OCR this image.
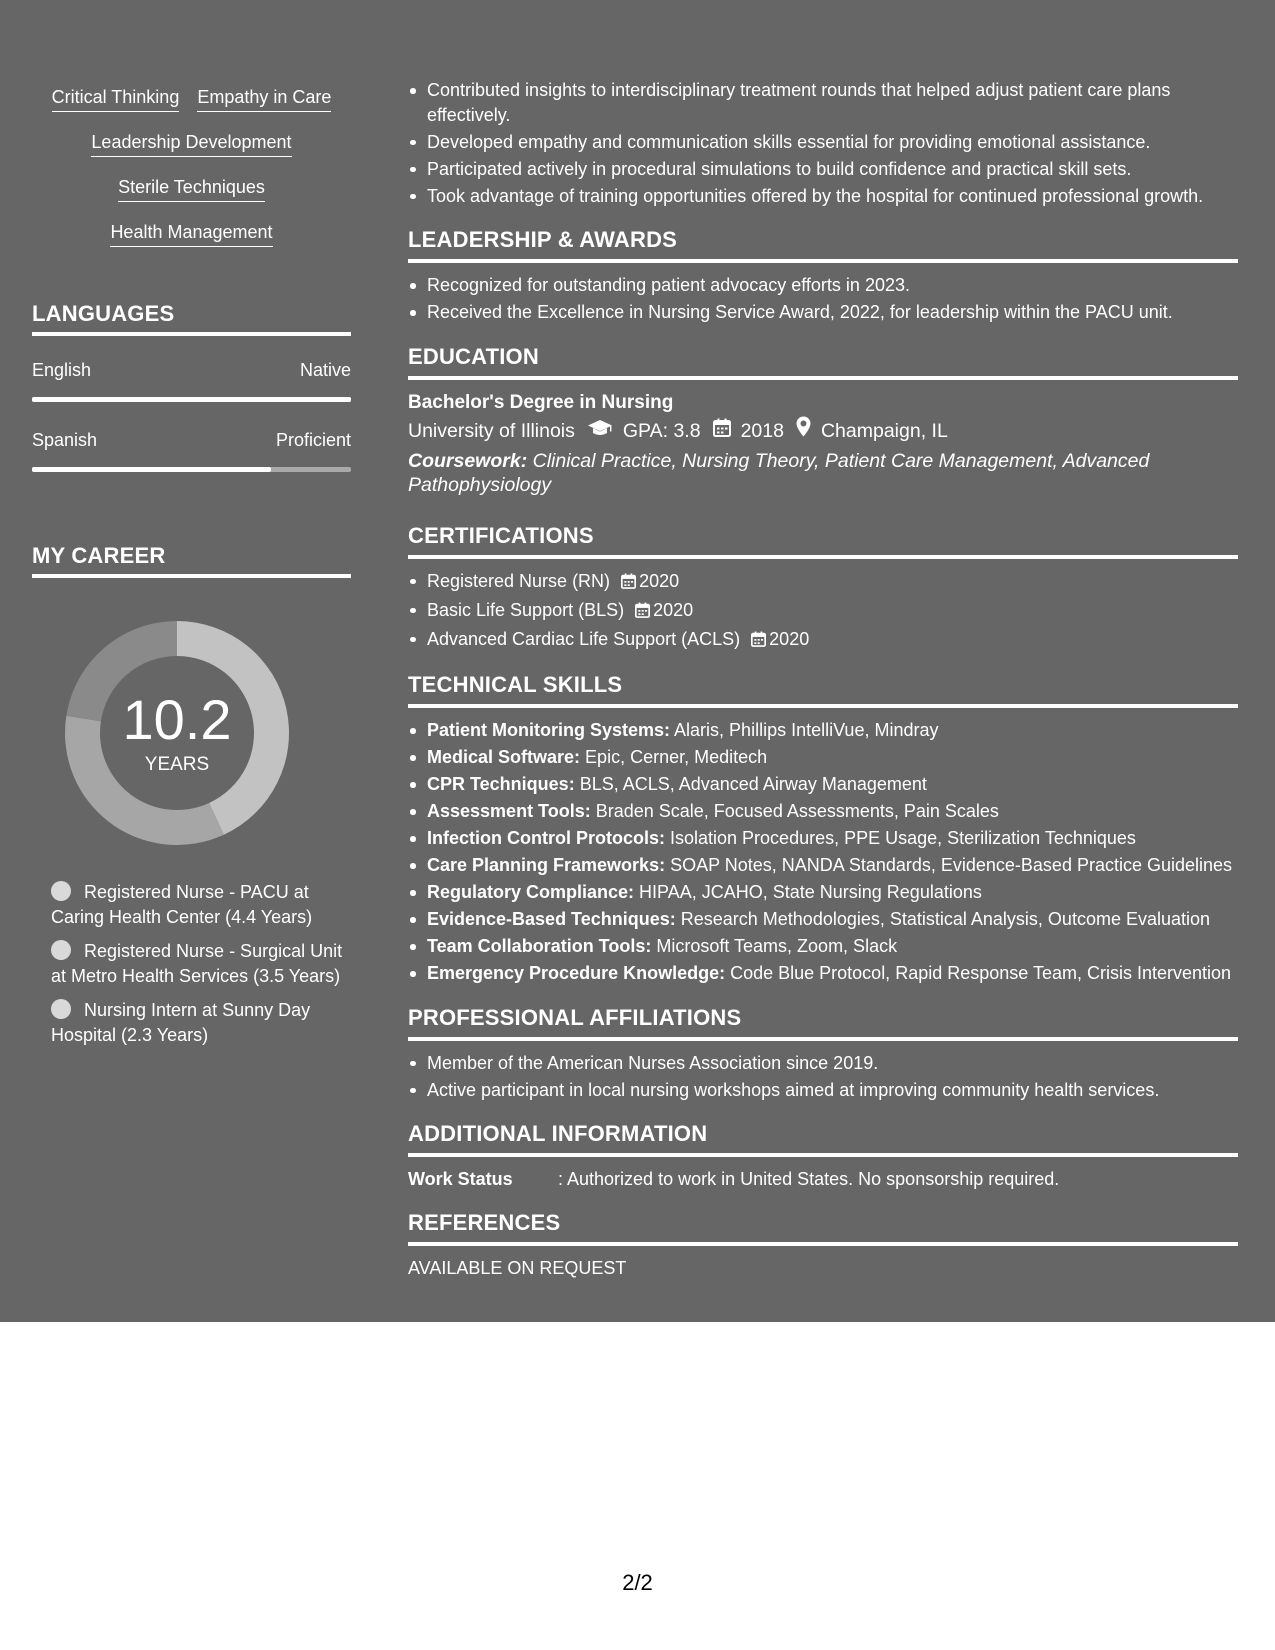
Critical Thinking Empathy in Care
Leadership Development
Sterile Techniques
Health Management
LANGUAGES
English	Native
Spanish	Proficient
MY CAREER
10.2
YEARS
Registered Nurse - PACU at Caring Health Center (4.4 Years)
Registered Nurse - Surgical Unit at Metro Health Services (3.5 Years)
Nursing Intern at Sunny Day Hospital (2.3 Years)
Contributed insights to interdisciplinary treatment rounds that helped adjust patient care plans effectively.
Developed empathy and communication skills essential for providing emotional assistance.
Participated actively in procedural simulations to build confidence and practical skill sets.
Took advantage of training opportunities offered by the hospital for continued professional growth.
LEADERSHIP & AWARDS
Recognized for outstanding patient advocacy efforts in 2023.
Received the Excellence in Nursing Service Award, 2022, for leadership within the PACU unit.
EDUCATION
Bachelor's Degree in Nursing
University of Illinois GPA: 3.8 2018 Champaign, IL
Coursework: Clinical Practice, Nursing Theory, Patient Care Management, Advanced Pathophysiology
CERTIFICATIONS
Registered Nurse (RN) 2020
Basic Life Support (BLS) 2020
Advanced Cardiac Life Support (ACLS) 2020
TECHNICAL SKILLS
Patient Monitoring Systems: Alaris, Phillips IntelliVue, Mindray
Medical Software: Epic, Cerner, Meditech
CPR Techniques: BLS, ACLS, Advanced Airway Management
Assessment Tools: Braden Scale, Focused Assessments, Pain Scales
Infection Control Protocols: Isolation Procedures, PPE Usage, Sterilization Techniques
Care Planning Frameworks: SOAP Notes, NANDA Standards, Evidence-Based Practice Guidelines
Regulatory Compliance: HIPAA, JCAHO, State Nursing Regulations
Evidence-Based Techniques: Research Methodologies, Statistical Analysis, Outcome Evaluation
Team Collaboration Tools: Microsoft Teams, Zoom, Slack
Emergency Procedure Knowledge: Code Blue Protocol, Rapid Response Team, Crisis Intervention
PROFESSIONAL AFFILIATIONS
Member of the American Nurses Association since 2019.
Active participant in local nursing workshops aimed at improving community health services.
ADDITIONAL INFORMATION
Work Status	: Authorized to work in United States. No sponsorship required.
REFERENCES
AVAILABLE ON REQUEST
2/2
